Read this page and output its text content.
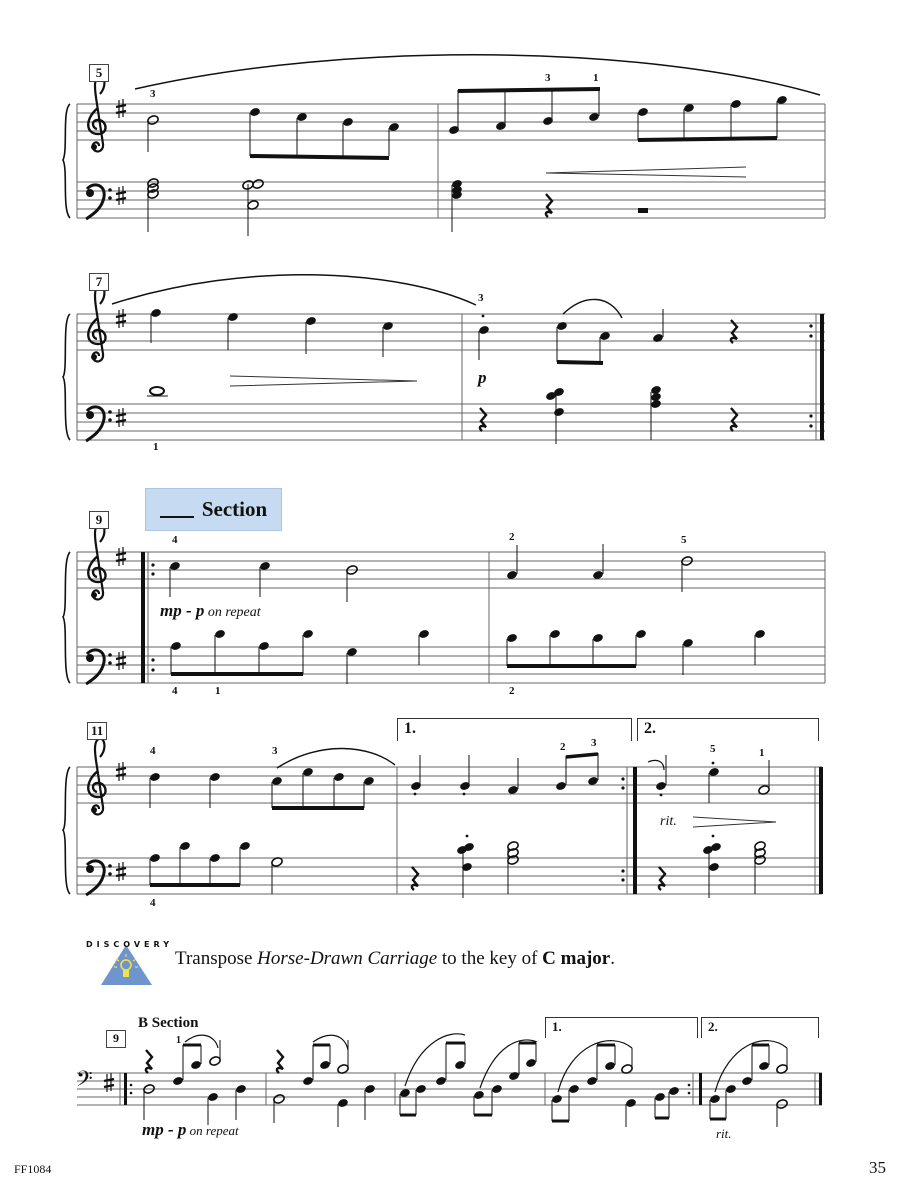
𝄢
5
7
9
11
9
Section
3
3	1
3
1
p
4	2	5
4	1	2
mp - p on repeat
4	3	2 3	5	1
4
rit.
1.	2.
DISCOVERY
Transpose Horse-Drawn Carriage to the key of C major.
B Section
1
mp - p on repeat	rit.
1.	2.
FF1084	35
